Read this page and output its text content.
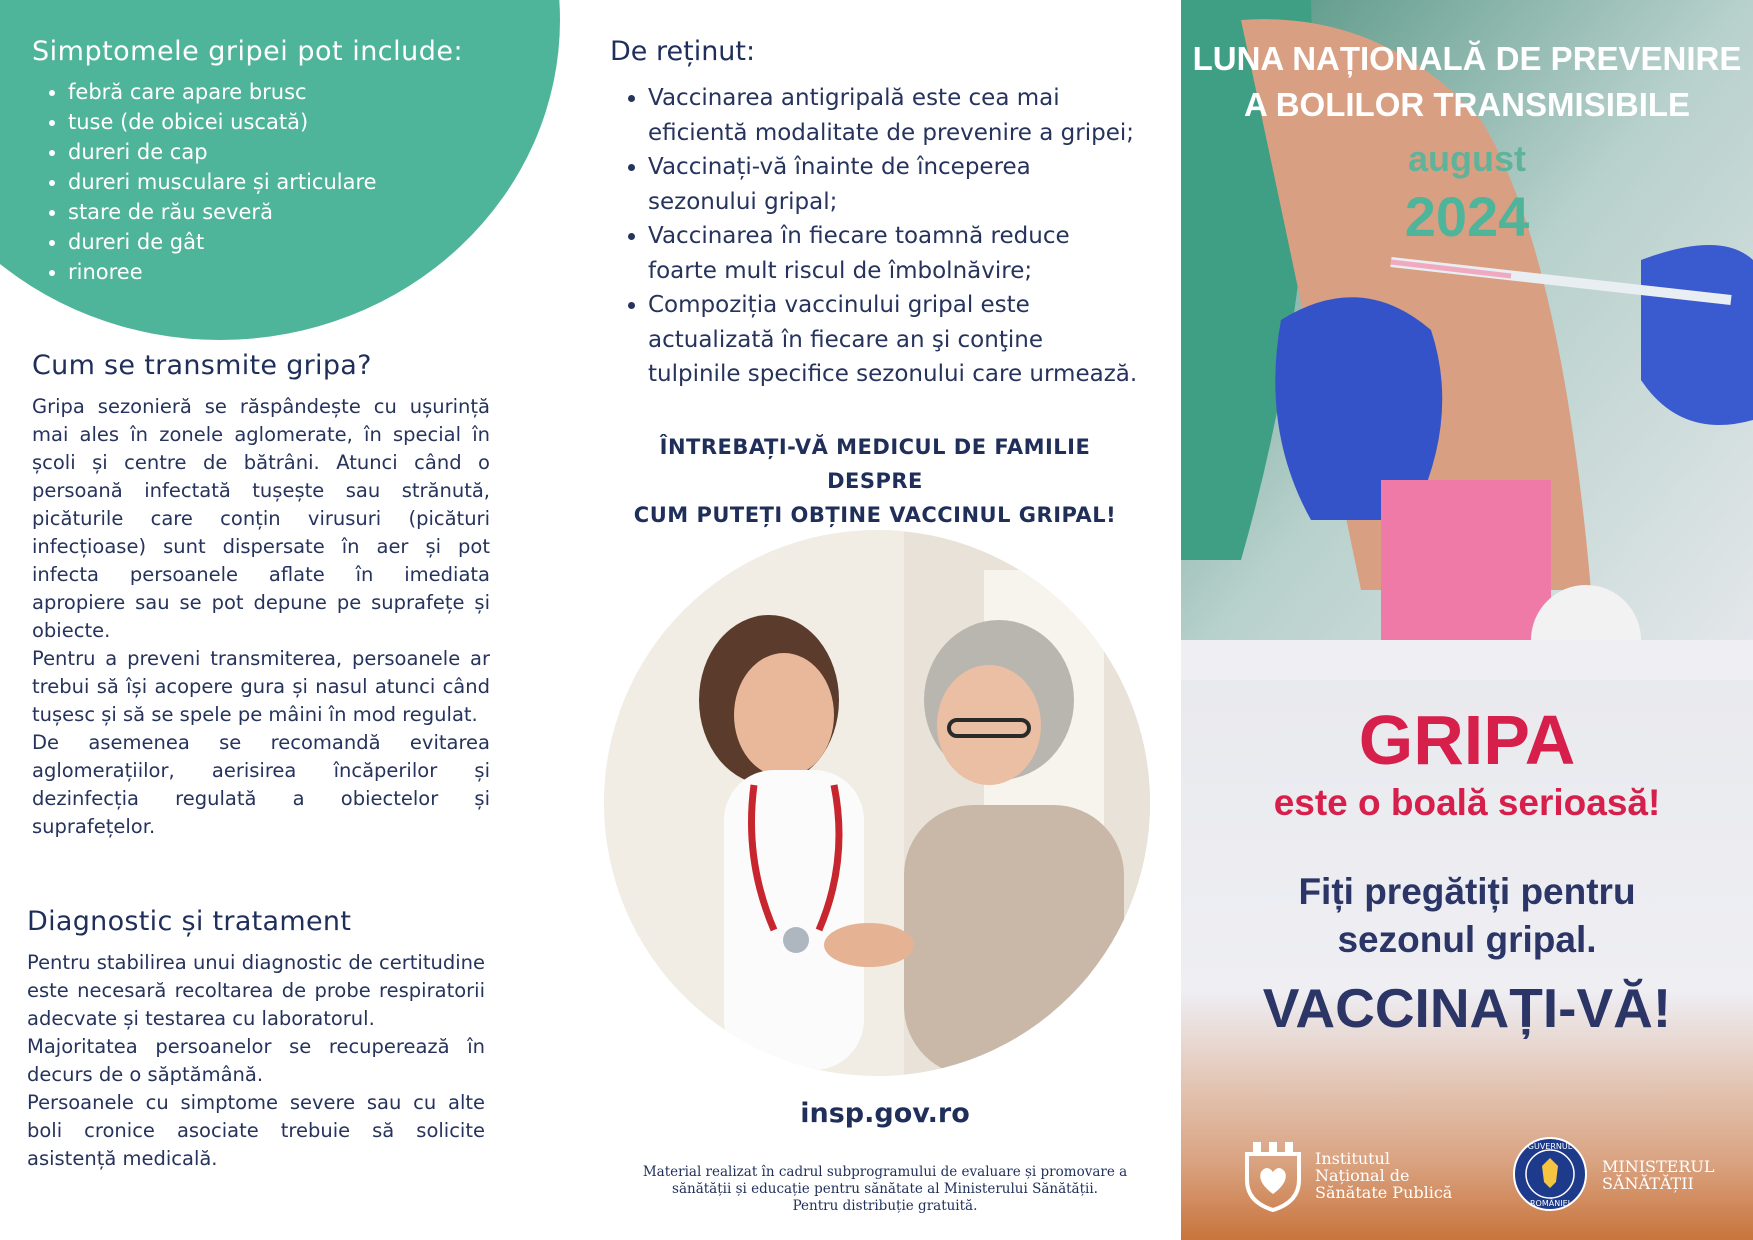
Simptomele gripei pot include:
• febră care apare brusc
• tuse (de obicei uscată)
• dureri de cap
• dureri musculare și articulare
• stare de rău severă
• dureri de gât
• rinoree
Cum se transmite gripa?

Gripa sezonieră se răspândește cu ușurință mai ales în zonele aglomerate, în special în școli și centre de bătrâni. Atunci când o persoană infectată tușește sau strănută, picăturile care conțin virusuri (picături infecțioase) sunt dispersate în aer și pot infecta persoanele aflate în imediata apropiere sau se pot depune pe suprafețe și obiecte.

Pentru a preveni transmiterea, persoanele ar trebui să își acopere gura și nasul atunci când tușesc și să se spele pe mâini în mod regulat.

De asemenea se recomandă evitarea aglomerațiilor, aerisirea încăperilor și dezinfecția regulată a obiectelor și suprafețelor.

Diagnostic și tratament

Pentru stabilirea unui diagnostic de certitudine este necesară recoltarea de probe respiratorii adecvate și testarea cu laboratorul.

Majoritatea persoanelor se recuperează în decurs de o săptămână.

Persoanele cu simptome severe sau cu alte boli cronice asociate trebuie să solicite asistență medicală.

De reținut:
• Vaccinarea antigripală este cea mai eficientă modalitate de prevenire a gripei;
• Vaccinați-vă înainte de începerea sezonului gripal;
• Vaccinarea în fiecare toamnă reduce foarte mult riscul de îmbolnăvire;
• Compoziția vaccinului gripal este actualizată în fiecare an şi conţine tulpinile specifice sezonului care urmează.
ÎNTREBAȚI-VĂ MEDICUL DE FAMILIE DESPRE
CUM PUTEȚI OBȚINE VACCINUL GRIPAL!
insp.gov.ro
Material realizat în cadrul subprogramului de evaluare și promovare a
sănătății și educație pentru sănătate al Ministerului Sănătății.
Pentru distribuție gratuită.
LUNA NAȚIONALĂ DE PREVENIRE
A BOLILOR TRANSMISIBILE
august
2024
GRIPA
este o boală serioasă!
Fiți pregătiți pentru
sezonul gripal.
VACCINAȚI-VĂ!
Institutul
Național de
Sănătate Publică
GUVERNUL
ROMÂNIEI
MINISTERUL
SĂNĂTĂȚII
